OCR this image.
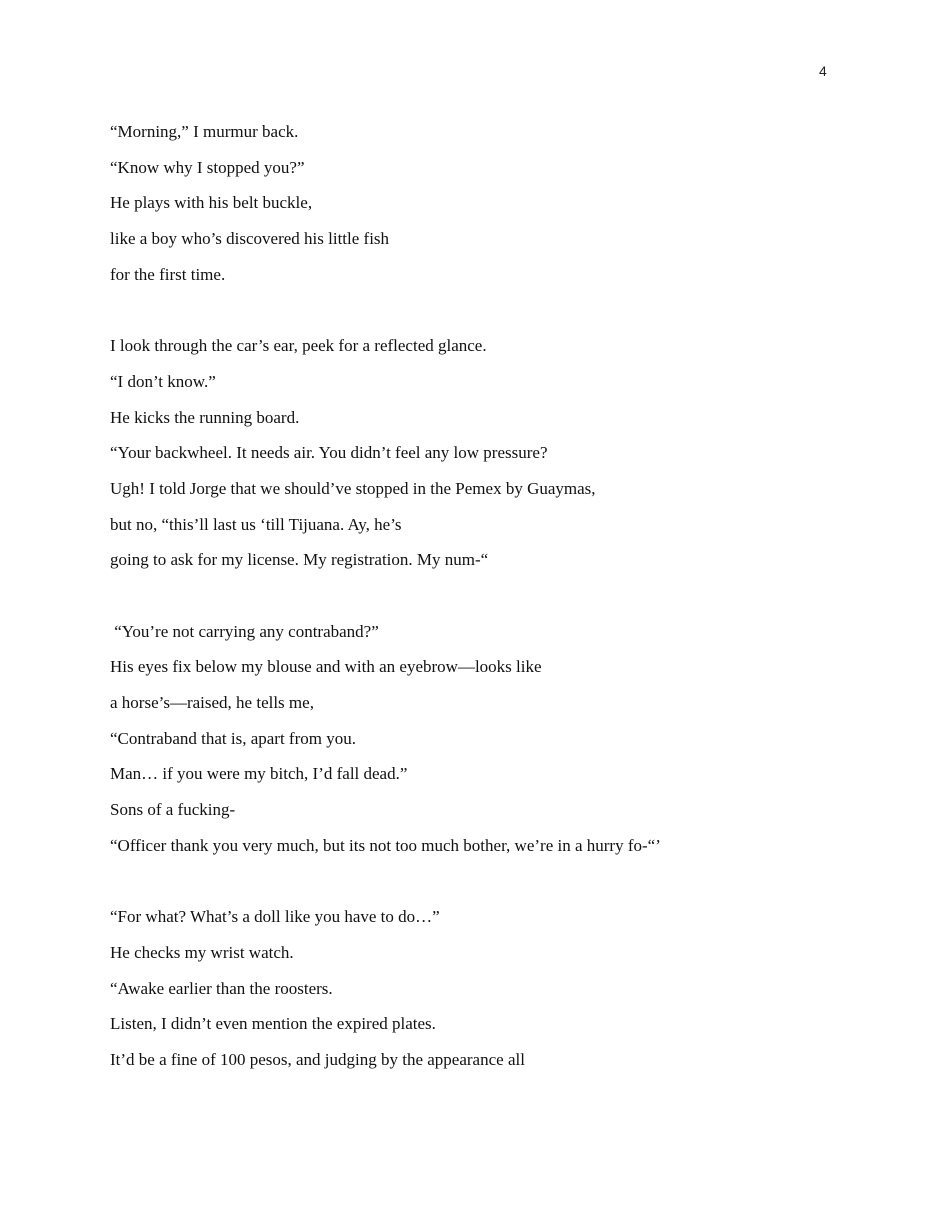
4
“Morning,” I murmur back.
“Know why I stopped you?”
He plays with his belt buckle,
like a boy who’s discovered his little fish
for the first time.
I look through the car’s ear, peek for a reflected glance.
“I don’t know.”
He kicks the running board.
“Your backwheel. It needs air. You didn’t feel any low pressure?
Ugh! I told Jorge that we should’ve stopped in the Pemex by Guaymas,
but no, “this’ll last us ‘till Tijuana. Ay, he’s
going to ask for my license. My registration. My num-“
“You’re not carrying any contraband?”
His eyes fix below my blouse and with an eyebrow—looks like
a horse’s—raised, he tells me,
“Contraband that is, apart from you.
Man… if you were my bitch, I’d fall dead.”
Sons of a fucking-
“Officer thank you very much, but its not too much bother, we’re in a hurry fo-“’
“For what? What’s a doll like you have to do…”
He checks my wrist watch.
“Awake earlier than the roosters.
Listen, I didn’t even mention the expired plates.
It’d be a fine of 100 pesos, and judging by the appearance all
